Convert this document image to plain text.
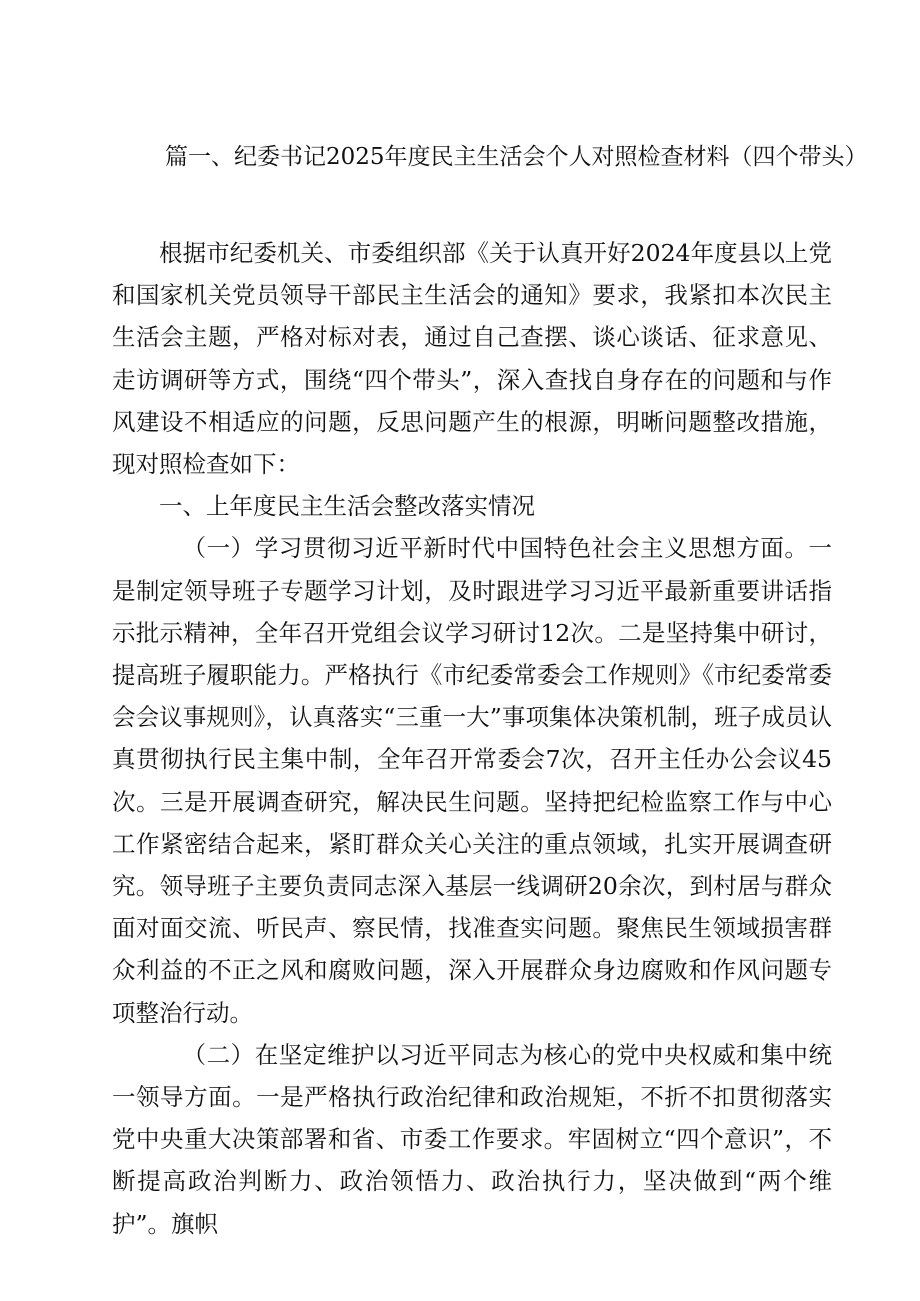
篇一、纪委书记2025年度民主生活会个人对照检查材料（四个带头）

根据市纪委机关、市委组织部《关于认真开好2024年度县以上党和国家机关党员领导干部民主生活会的通知》要求，我紧扣本次民主生活会主题，严格对标对表，通过自己查摆、谈心谈话、征求意见、走访调研等方式，围绕“四个带头”，深入查找自身存在的问题和与作风建设不相适应的问题，反思问题产生的根源，明晰问题整改措施，现对照检查如下：

一、上年度民主生活会整改落实情况

（一）学习贯彻习近平新时代中国特色社会主义思想方面。一是制定领导班子专题学习计划，及时跟进学习习近平最新重要讲话指示批示精神，全年召开党组会议学习研讨12次。二是坚持集中研讨，提高班子履职能力。严格执行《市纪委常委会工作规则》《市纪委常委会会议事规则》，认真落实“三重一大”事项集体决策机制，班子成员认真贯彻执行民主集中制，全年召开常委会7次，召开主任办公会议45次。三是开展调查研究，解决民生问题。坚持把纪检监察工作与中心工作紧密结合起来，紧盯群众关心关注的重点领域，扎实开展调查研究。领导班子主要负责同志深入基层一线调研20余次，到村居与群众面对面交流、听民声、察民情，找准查实问题。聚焦民生领域损害群众利益的不正之风和腐败问题，深入开展群众身边腐败和作风问题专项整治行动。

（二）在坚定维护以习近平同志为核心的党中央权威和集中统一领导方面。一是严格执行政治纪律和政治规矩，不折不扣贯彻落实党中央重大决策部署和省、市委工作要求。牢固树立“四个意识”，不断提高政治判断力、政治领悟力、政治执行力，坚决做到“两个维护”。旗帜
